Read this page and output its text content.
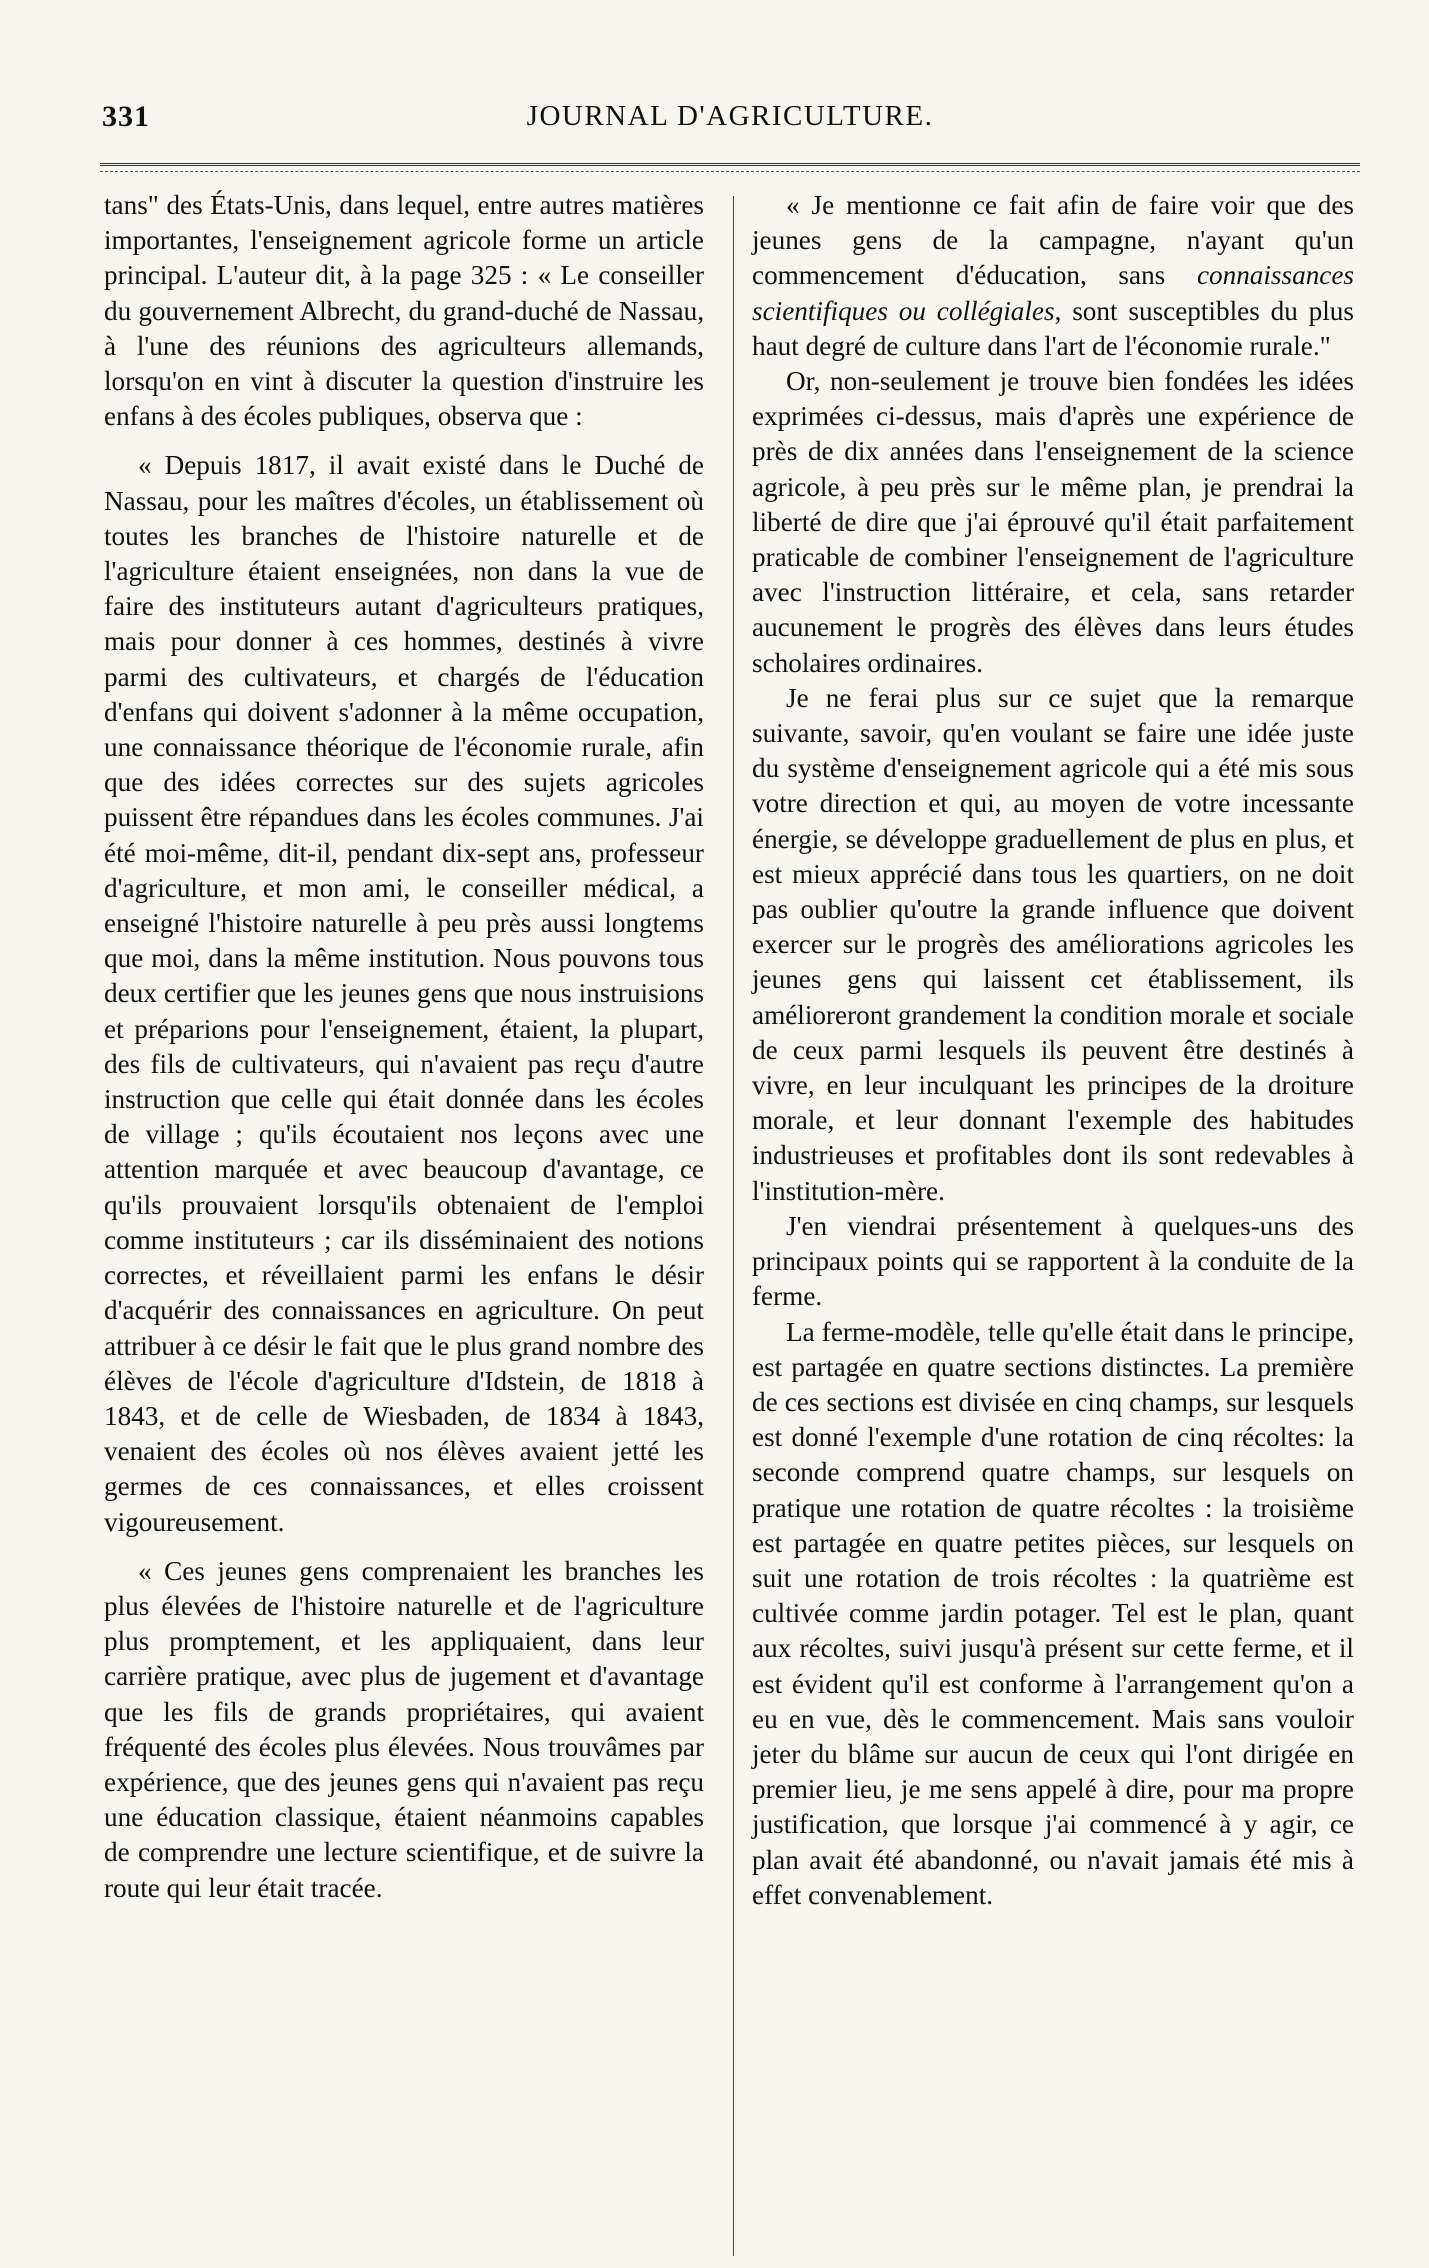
331	JOURNAL D'AGRICULTURE.

tans" des États-Unis, dans lequel, entre autres matières importantes, l'enseignement agricole forme un article principal. L'auteur dit, à la page 325 : « Le conseiller du gouvernement Albrecht, du grand-duché de Nassau, à l'une des réunions des agriculteurs allemands, lorsqu'on en vint à discuter la question d'instruire les enfans à des écoles publiques, observa que :

« Depuis 1817, il avait existé dans le Duché de Nassau, pour les maîtres d'écoles, un établissement où toutes les branches de l'histoire naturelle et de l'agriculture étaient enseignées, non dans la vue de faire des instituteurs autant d'agriculteurs pratiques, mais pour donner à ces hommes, destinés à vivre parmi des cultivateurs, et chargés de l'éducation d'enfans qui doivent s'adonner à la même occupation, une connaissance théorique de l'économie rurale, afin que des idées correctes sur des sujets agricoles puissent être répandues dans les écoles communes. J'ai été moi-même, dit-il, pendant dix-sept ans, professeur d'agriculture, et mon ami, le conseiller médical, a enseigné l'histoire naturelle à peu près aussi longtems que moi, dans la même institution. Nous pouvons tous deux certifier que les jeunes gens que nous instruisions et préparions pour l'enseignement, étaient, la plupart, des fils de cultivateurs, qui n'avaient pas reçu d'autre instruction que celle qui était donnée dans les écoles de village ; qu'ils écoutaient nos leçons avec une attention marquée et avec beaucoup d'avantage, ce qu'ils prouvaient lorsqu'ils obtenaient de l'emploi comme instituteurs ; car ils disséminaient des notions correctes, et réveillaient parmi les enfans le désir d'acquérir des connaissances en agriculture. On peut attribuer à ce désir le fait que le plus grand nombre des élèves de l'école d'agriculture d'Idstein, de 1818 à 1843, et de celle de Wiesbaden, de 1834 à 1843, venaient des écoles où nos élèves avaient jetté les germes de ces connaissances, et elles croissent vigoureusement.

« Ces jeunes gens comprenaient les branches les plus élevées de l'histoire naturelle et de l'agriculture plus promptement, et les appliquaient, dans leur carrière pratique, avec plus de jugement et d'avantage que les fils de grands propriétaires, qui avaient fréquenté des écoles plus élevées. Nous trouvâmes par expérience, que des jeunes gens qui n'avaient pas reçu une éducation classique, étaient néanmoins capables de comprendre une lecture scientifique, et de suivre la route qui leur était tracée.

« Je mentionne ce fait afin de faire voir que des jeunes gens de la campagne, n'ayant qu'un commencement d'éducation, sans connaissances scientifiques ou collégiales, sont susceptibles du plus haut degré de culture dans l'art de l'économie rurale."

Or, non-seulement je trouve bien fondées les idées exprimées ci-dessus, mais d'après une expérience de près de dix années dans l'enseignement de la science agricole, à peu près sur le même plan, je prendrai la liberté de dire que j'ai éprouvé qu'il était parfaitement praticable de combiner l'enseignement de l'agriculture avec l'instruction littéraire, et cela, sans retarder aucunement le progrès des élèves dans leurs études scholaires ordinaires.

Je ne ferai plus sur ce sujet que la remarque suivante, savoir, qu'en voulant se faire une idée juste du système d'enseignement agricole qui a été mis sous votre direction et qui, au moyen de votre incessante énergie, se développe graduellement de plus en plus, et est mieux apprécié dans tous les quartiers, on ne doit pas oublier qu'outre la grande influence que doivent exercer sur le progrès des améliorations agricoles les jeunes gens qui laissent cet établissement, ils amélioreront grandement la condition morale et sociale de ceux parmi lesquels ils peuvent être destinés à vivre, en leur inculquant les principes de la droiture morale, et leur donnant l'exemple des habitudes industrieuses et profitables dont ils sont redevables à l'institution-mère.

J'en viendrai présentement à quelques-uns des principaux points qui se rapportent à la conduite de la ferme.

La ferme-modèle, telle qu'elle était dans le principe, est partagée en quatre sections distinctes. La première de ces sections est divisée en cinq champs, sur lesquels est donné l'exemple d'une rotation de cinq récoltes: la seconde comprend quatre champs, sur lesquels on pratique une rotation de quatre récoltes : la troisième est partagée en quatre petites pièces, sur lesquels on suit une rotation de trois récoltes : la quatrième est cultivée comme jardin potager. Tel est le plan, quant aux récoltes, suivi jusqu'à présent sur cette ferme, et il est évident qu'il est conforme à l'arrangement qu'on a eu en vue, dès le commencement. Mais sans vouloir jeter du blâme sur aucun de ceux qui l'ont dirigée en premier lieu, je me sens appelé à dire, pour ma propre justification, que lorsque j'ai commencé à y agir, ce plan avait été abandonné, ou n'avait jamais été mis à effet convenablement.
